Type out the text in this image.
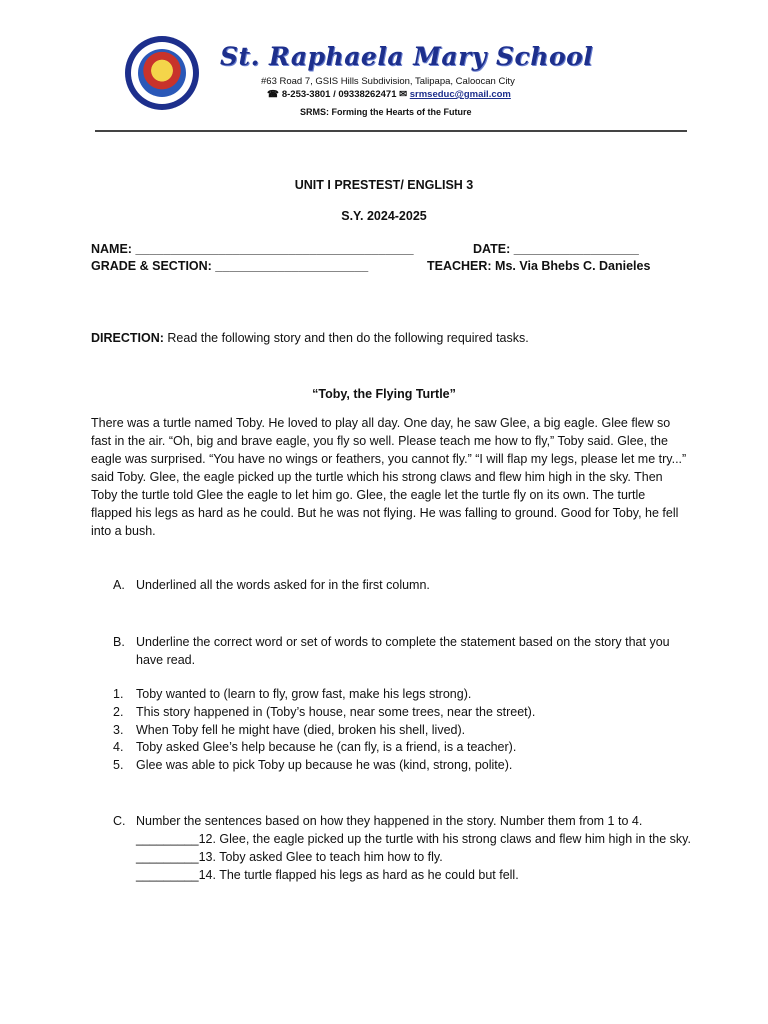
St. Raphaela Mary School
#63 Road 7, GSIS Hills Subdivision, Talipapa, Caloocan City
☎ 8-253-3801 / 09338262471 ✉ srmseduc@gmail.com
SRMS: Forming the Hearts of the Future
UNIT I PRESTEST/ ENGLISH 3
S.Y. 2024-2025
NAME: ________________________________________	DATE: __________________
GRADE & SECTION: ______________________	TEACHER: Ms. Via Bhebs C. Danieles
DIRECTION: Read the following story and then do the following required tasks.
“Toby, the Flying Turtle”
There was a turtle named Toby. He loved to play all day. One day, he saw Glee, a big eagle. Glee flew so fast in the air. “Oh, big and brave eagle, you fly so well. Please teach me how to fly,” Toby said. Glee, the eagle was surprised. “You have no wings or feathers, you cannot fly.” “I will flap my legs, please let me try...” said Toby. Glee, the eagle picked up the turtle which his strong claws and flew him high in the sky. Then Toby the turtle told Glee the eagle to let him go. Glee, the eagle let the turtle fly on its own. The turtle flapped his legs as hard as he could. But he was not flying. He was falling to ground. Good for Toby, he fell into a bush.
A. Underlined all the words asked for in the first column.
B. Underline the correct word or set of words to complete the statement based on the story that you have read.
1. Toby wanted to (learn to fly, grow fast, make his legs strong).
2. This story happened in (Toby’s house, near some trees, near the street).
3. When Toby fell he might have (died, broken his shell, lived).
4. Toby asked Glee’s help because he (can fly, is a friend, is a teacher).
5. Glee was able to pick Toby up because he was (kind, strong, polite).
C. Number the sentences based on how they happened in the story. Number them from 1 to 4.
_________12. Glee, the eagle picked up the turtle with his strong claws and flew him high in the sky.
_________13. Toby asked Glee to teach him how to fly.
_________14. The turtle flapped his legs as hard as he could but fell.
